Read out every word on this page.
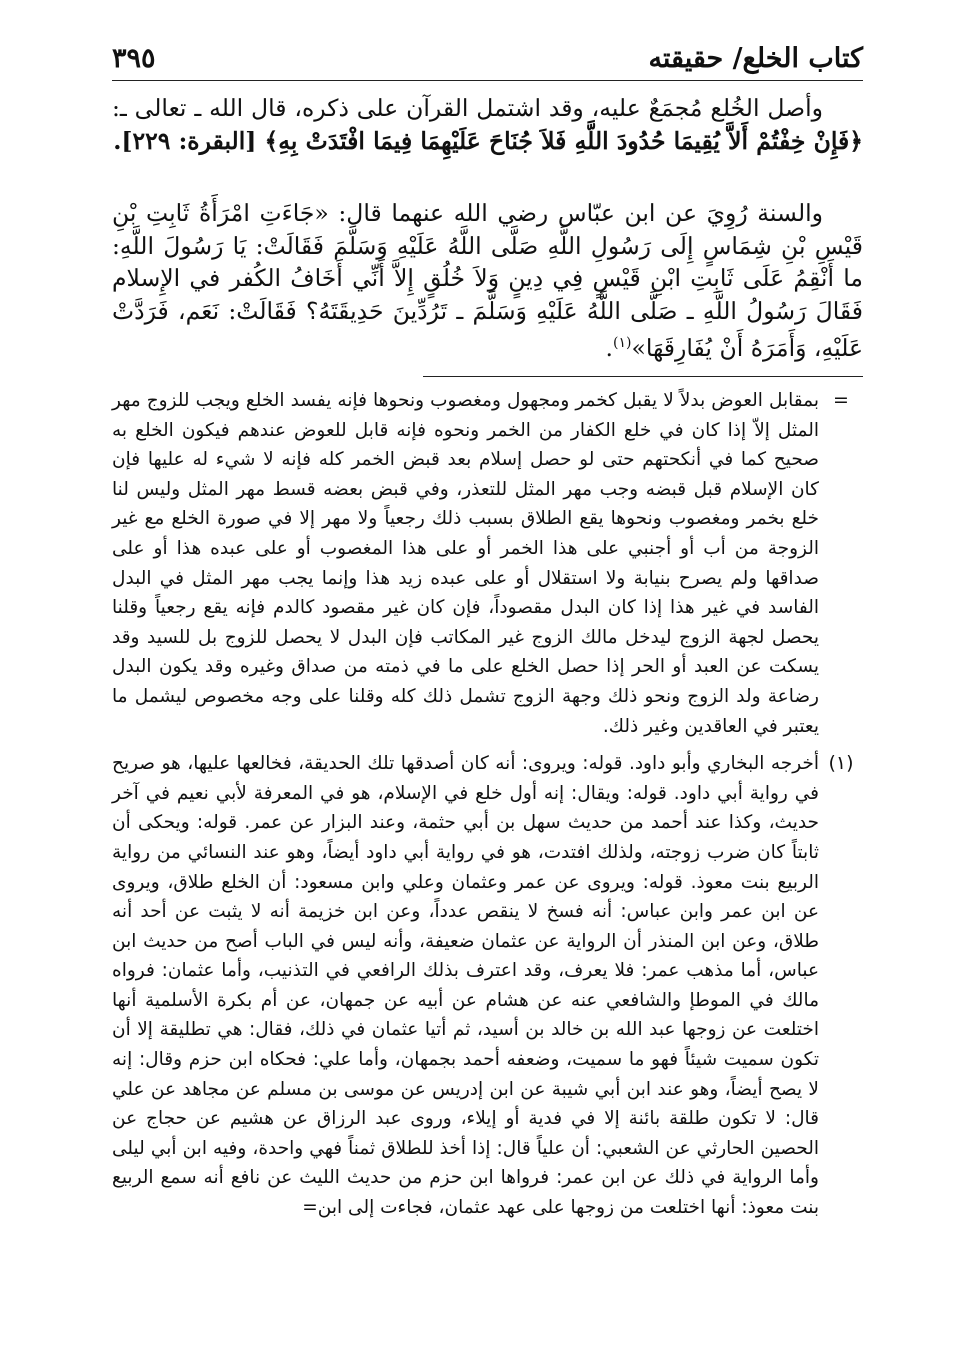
كتاب الخلع/ حقيقته
٣٩٥

وأصل الخُلع مُجمَعٌ عليه، وقد اشتمل القرآن على ذكره، قال الله ـ تعالى ـ: ﴿فَإِنْ خِفْتُمْ أَلاَّ يُقِيمَا حُدُودَ اللَّهِ فَلاَ جُنَاحَ عَلَيْهِمَا فِيمَا افْتَدَتْ بِهِ﴾ [البقرة: ٢٢٩].

والسنة رُوِيَ عن ابن عبّاس رضي الله عنهما قال: «جَاءَتِ امْرَأَةُ ثَابِتِ بْنِ قَيْسِ بْنِ شِمَاسٍ إِلَى رَسُولِ اللَّهِ صَلَّى اللَّهُ عَلَيْهِ وَسَلَّمَ فَقَالَتْ: يَا رَسُولَ اللَّهِ: ما أَنْقِمُ عَلَى ثَابِتِ ابْنِ قَيْسٍ فِي دِينٍ وَلاَ خُلُقٍ إِلاَّ أَنِّي أَخَافُ الكُفر في الإِسلام فَقَالَ رَسُولُ اللَّهِ ـ صَلَّى اللَّهُ عَلَيْهِ وَسَلَّمَ ـ تَرُدِّينَ حَدِيقَتَهُ؟ فَقَالَتْ: نَعَم، فَرَدَّتْ عَلَيْهِ، وَأَمَرَهُ أَنْ يُفَارِقَهَا»$^{(١)}$.

=
بمقابل العوض بدلاً لا يقبل كخمر ومجهول ومغصوب ونحوها فإنه يفسد الخلع ويجب للزوج مهر المثل إلاّ إذا كان في خلع الكفار من الخمر ونحوه فإنه قابل للعوض عندهم فيكون الخلع به صحيح كما في أنكحتهم حتى لو حصل إسلام بعد قبض الخمر كله فإنه لا شيء له عليها فإن كان الإسلام قبل قبضه وجب مهر المثل للتعذر، وفي قبض بعضه قسط مهر المثل وليس لنا خلع بخمر ومغصوب ونحوها يقع الطلاق بسبب ذلك رجعياً ولا مهر إلا في صورة الخلع مع غير الزوجة من أب أو أجنبي على هذا الخمر أو على هذا المغصوب أو على عبده هذا أو على صداقها ولم يصرح بنيابة ولا استقلال أو على عبده زيد هذا وإنما يجب مهر المثل في البدل الفاسد في غير هذا إذا كان البدل مقصوداً، فإن كان غير مقصود كالدم فإنه يقع رجعياً وقلنا يحصل لجهة الزوج ليدخل مالك الزوج غير المكاتب فإن البدل لا يحصل للزوج بل للسيد وقد يسكت عن العبد أو الحر إذا حصل الخلع على ما في ذمته من صداق وغيره وقد يكون البدل رضاعة ولد الزوج ونحو ذلك وجهة الزوج تشمل ذلك كله وقلنا على وجه مخصوص ليشمل ما يعتبر في العاقدين وغير ذلك.
(١)
أخرجه البخاري وأبو داود. قوله: ويروى: أنه كان أصدقها تلك الحديقة، فخالعها عليها، هو صريح في رواية أبي داود. قوله: ويقال: إنه أول خلع في الإسلام، هو في المعرفة لأبي نعيم في آخر حديث، وكذا عند أحمد من حديث سهل بن أبي حثمة، وعند البزار عن عمر. قوله: ويحكى أن ثابتاً كان ضرب زوجته، ولذلك افتدت، هو في رواية أبي داود أيضاً، وهو عند النسائي من رواية الربيع بنت معوذ. قوله: ويروى عن عمر وعثمان وعلي وابن مسعود: أن الخلع طلاق، ويروى عن ابن عمر وابن عباس: أنه فسخ لا ينقص عدداً، وعن ابن خزيمة أنه لا يثبت عن أحد أنه طلاق، وعن ابن المنذر أن الرواية عن عثمان ضعيفة، وأنه ليس في الباب أصح من حديث ابن عباس، أما مذهب عمر: فلا يعرف، وقد اعترف بذلك الرافعي في التذنيب، وأما عثمان: فرواه مالك في الموطإ والشافعي عنه عن هشام عن أبيه عن جمهان، عن أم بكرة الأسلمية أنها اختلعت عن زوجها عبد الله بن خالد بن أسيد، ثم أتيا عثمان في ذلك، فقال: هي تطليقة إلا أن تكون سميت شيئاً فهو ما سميت، وضعفه أحمد بجمهان، وأما علي: فحكاه ابن حزم وقال: إنه لا يصح أيضاً، وهو عند ابن أبي شيبة عن ابن إدريس عن موسى بن مسلم عن مجاهد عن علي قال: لا تكون طلقة بائنة إلا في فدية أو إيلاء، وروى عبد الرزاق عن هشيم عن حجاج عن الحصين الحارثي عن الشعبي: أن علياً قال: إذا أخذ للطلاق ثمناً فهي واحدة، وفيه ابن أبي ليلى وأما الرواية في ذلك عن ابن عمر: فرواها ابن حزم من حديث الليث عن نافع أنه سمع الربيع بنت معوذ: أنها اختلعت من زوجها على عهد عثمان، فجاءت إلى ابن=
